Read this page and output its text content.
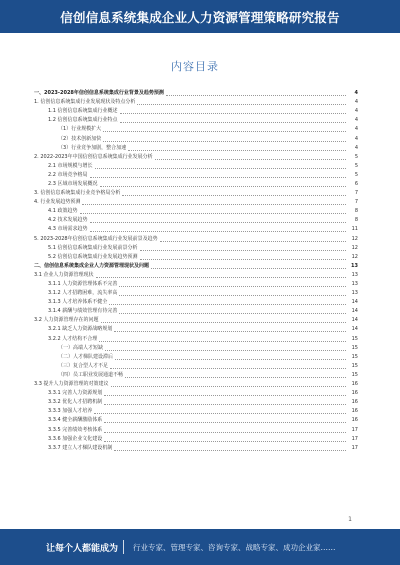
信创信息系统集成企业人力资源管理策略研究报告
内容目录
一、2023-2028年信创信息系统集成行业背景及趋势预测	4
1. 信创信息系统集成行业发展现状及特点分析	4
1.1 信创信息系统集成行业概述	4
1.2 信创信息系统集成行业特点	4
（1）行业规模扩大	4
（2）技术创新加快	4
（3）行业竞争加剧，整合加速	4
2. 2022-2023年中国信创信息系统集成行业发展分析	5
2.1 市场规模与增长	5
2.2 市场竞争格局	5
2.3 区域市场发展概况	6
3. 信创信息系统集成行业竞争格局分析	7
4. 行业发展趋势预测	7
4.1 政策趋势	8
4.2 技术发展趋势	8
4.3 市场需求趋势	11
5. 2023-2028年信创信息系统集成行业发展前景及趋势	12
5.1 信创信息系统集成行业发展前景分析	12
5.2 信创信息系统集成行业发展趋势预测	12
二、信创信息系统集成企业人力资源管理现状及问题	13
3.1 企业人力资源管理现状	13
3.1.1 人力资源管理体系不完善	13
3.1.2 人才招聘困难，流失率高	13
3.1.3 人才培养体系不健全	14
3.1.4 薪酬与绩效管理有待完善	14
3.2 人力资源管理存在的问题	14
3.2.1 缺乏人力资源战略规划	14
3.2.2 人才结构不合理	15
（一）高端人才短缺	15
（二）人才梯队建设滞后	15
（三）复合型人才不足	15
（四）员工职业发展通道不畅	15
3.3 提升人力资源管理的对策建议	16
3.3.1 完善人力资源规划	16
3.3.2 优化人才招聘机制	16
3.3.3 加强人才培养	16
3.3.4 健全薪酬激励体系	16
3.3.5 完善绩效考核体系	17
3.3.6 加强企业文化建设	17
3.3.7 建立人才梯队建设机制	17
1
让每个人都能成为 行业专家、管理专家、咨询专家、战略专家、成功企业家……
